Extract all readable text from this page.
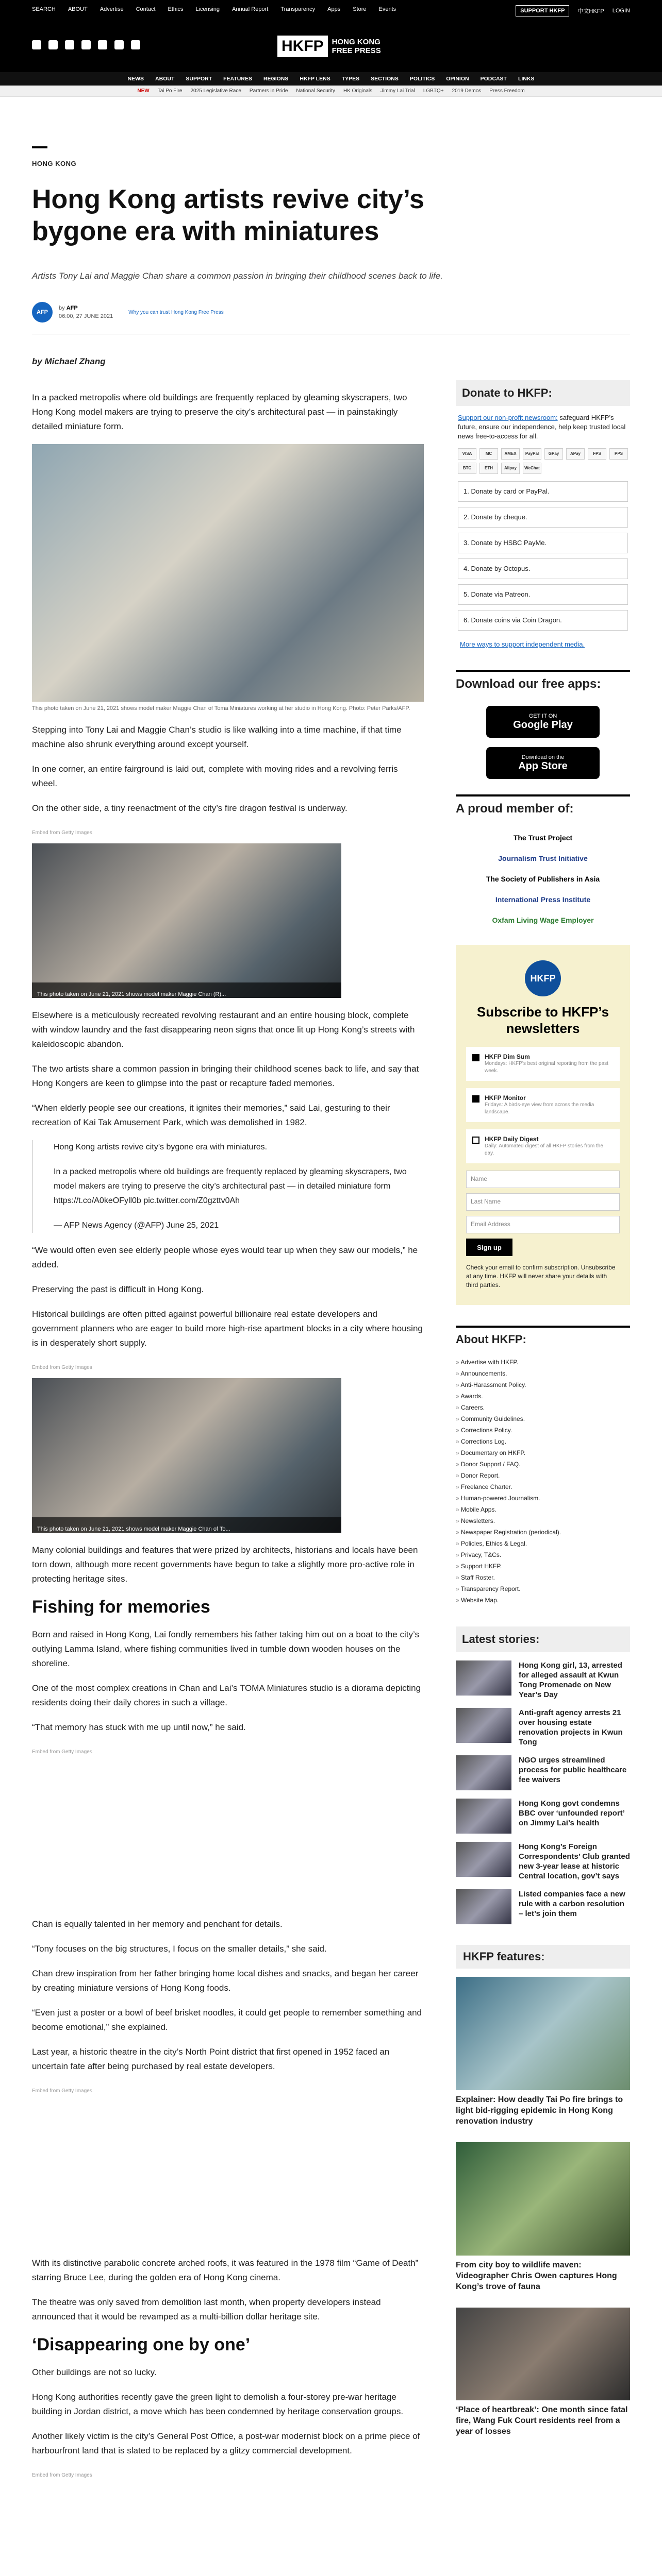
SEARCH ABOUT Advertise Contact Ethics Licensing Annual Report Transparency Apps Store Events	SUPPORT HKFP	中文HKFP LOGIN
HKFP	HONG KONG
FREE PRESS
NEWS ABOUT SUPPORT FEATURES REGIONS HKFP LENS TYPES SECTIONS POLITICS OPINION PODCAST LINKS
NEW Tai Po Fire 2025 Legislative Race Partners in Pride National Security HK Originals Jimmy Lai Trial LGBTQ+ 2019 Demos Press Freedom
HONG KONG
Hong Kong artists revive city’s bygone era with miniatures
Artists Tony Lai and Maggie Chan share a common passion in bringing their childhood scenes back to life.
AFP
by AFP
06:00, 27 JUNE 2021
Why you can trust Hong Kong Free Press
by Michael Zhang

In a packed metropolis where old buildings are frequently replaced by gleaming skyscrapers, two Hong Kong model makers are trying to preserve the city’s architectural past — in painstakingly detailed miniature form.

This photo taken on June 21, 2021 shows model maker Maggie Chan of Toma Miniatures working at her studio in Hong Kong. Photo: Peter Parks/AFP.

Stepping into Tony Lai and Maggie Chan’s studio is like walking into a time machine, if that time machine also shrunk everything around except yourself.

In one corner, an entire fairground is laid out, complete with moving rides and a revolving ferris wheel.

On the other side, a tiny reenactment of the city’s fire dragon festival is underway.

Embed from Getty Images
This photo taken on June 21, 2021 shows model maker Maggie Chan (R)...

Elsewhere is a meticulously recreated revolving restaurant and an entire housing block, complete with window laundry and the fast disappearing neon signs that once lit up Hong Kong’s streets with kaleidoscopic abandon.

The two artists share a common passion in bringing their childhood scenes back to life, and say that Hong Kongers are keen to glimpse into the past or recapture faded memories.

“When elderly people see our creations, it ignites their memories,” said Lai, gesturing to their recreation of Kai Tak Amusement Park, which was demolished in 1982.

Hong Kong artists revive city’s bygone era with miniatures.

In a packed metropolis where old buildings are frequently replaced by gleaming skyscrapers, two model makers are trying to preserve the city’s architectural past — in detailed miniature form https://t.co/A0keOFyll0b pic.twitter.com/Z0gzttv0Ah

— AFP News Agency (@AFP) June 25, 2021

“We would often even see elderly people whose eyes would tear up when they saw our models,” he added.

Preserving the past is difficult in Hong Kong.

Historical buildings are often pitted against powerful billionaire real estate developers and government planners who are eager to build more high-rise apartment blocks in a city where housing is in desperately short supply.

Embed from Getty Images
This photo taken on June 21, 2021 shows model maker Maggie Chan of To...

Many colonial buildings and features that were prized by architects, historians and locals have been torn down, although more recent governments have begun to take a slightly more pro-active role in protecting heritage sites.

Fishing for memories

Born and raised in Hong Kong, Lai fondly remembers his father taking him out on a boat to the city’s outlying Lamma Island, where fishing communities lived in tumble down wooden houses on the shoreline.

One of the most complex creations in Chan and Lai’s TOMA Miniatures studio is a diorama depicting residents doing their daily chores in such a village.

“That memory has stuck with me up until now,” he said.

Embed from Getty Images

Chan is equally talented in her memory and penchant for details.

“Tony focuses on the big structures, I focus on the smaller details,” she said.

Chan drew inspiration from her father bringing home local dishes and snacks, and began her career by creating miniature versions of Hong Kong foods.

“Even just a poster or a bowl of beef brisket noodles, it could get people to remember something and become emotional,” she explained.

Last year, a historic theatre in the city’s North Point district that first opened in 1952 faced an uncertain fate after being purchased by real estate developers.

Embed from Getty Images

With its distinctive parabolic concrete arched roofs, it was featured in the 1978 film “Game of Death” starring Bruce Lee, during the golden era of Hong Kong cinema.

The theatre was only saved from demolition last month, when property developers instead announced that it would be revamped as a multi-billion dollar heritage site.

‘Disappearing one by one’

Other buildings are not so lucky.

Hong Kong authorities recently gave the green light to demolish a four-storey pre-war heritage building in Jordan district, a move which has been condemned by heritage conservation groups.

Another likely victim is the city’s General Post Office, a post-war modernist block on a prime piece of harbourfront land that is slated to be replaced by a glitzy commercial development.

Embed from Getty Images
Donate to HKFP:

Support our non-profit newsroom: safeguard HKFP’s future, ensure our independence, help keep trusted local news free-to-access for all.

VISA	MC	AMEX	PayPal	GPay	APay	FPS	PPS
BTC	ETH	Alipay	WeChat
1. Donate by card or PayPal.
2. Donate by cheque.
3. Donate by HSBC PayMe.
4. Donate by Octopus.
5. Donate via Patreon.
6. Donate coins via Coin Dragon.
More ways to support independent media.
Download our free apps:
GET IT ON
Google Play
Download on the
App Store
A proud member of:
The Trust Project
Journalism Trust Initiative
The Society of Publishers in Asia
International Press Institute
Oxfam Living Wage Employer
HKFP
Subscribe to HKFP’s newsletters
HKFP Dim Sum
Mondays: HKFP’s best original reporting from the past week.
HKFP Monitor
Fridays: A birds-eye view from across the media landscape.
HKFP Daily Digest
Daily: Automated digest of all HKFP stories from the day.
Name
Last Name
Email Address
Sign up
Check your email to confirm subscription. Unsubscribe at any time. HKFP will never share your details with third parties.
About HKFP:
» Advertise with HKFP.
» Announcements.
» Anti-Harassment Policy.
» Awards.
» Careers.
» Community Guidelines.
» Corrections Policy.
» Corrections Log.
» Documentary on HKFP.
» Donor Support / FAQ.
» Donor Report.
» Freelance Charter.
» Human-powered Journalism.
» Mobile Apps.
» Newsletters.
» Newspaper Registration (periodical).
» Policies, Ethics & Legal.
» Privacy, T&Cs.
» Support HKFP.
» Staff Roster.
» Transparency Report.
» Website Map.
Latest stories:
Hong Kong girl, 13, arrested for alleged assault at Kwun Tong Promenade on New Year’s Day
Anti-graft agency arrests 21 over housing estate renovation projects in Kwun Tong
NGO urges streamlined process for public healthcare fee waivers
Hong Kong govt condemns BBC over ‘unfounded report’ on Jimmy Lai’s health
Hong Kong’s Foreign Correspondents’ Club granted new 3-year lease at historic Central location, gov’t says
Listed companies face a new rule with a carbon resolution – let’s join them
HKFP features:
Explainer: How deadly Tai Po fire brings to light bid-rigging epidemic in Hong Kong renovation industry
From city boy to wildlife maven: Videographer Chris Owen captures Hong Kong’s trove of fauna
‘Place of heartbreak’: One month since fatal fire, Wang Fuk Court residents reel from a year of losses
